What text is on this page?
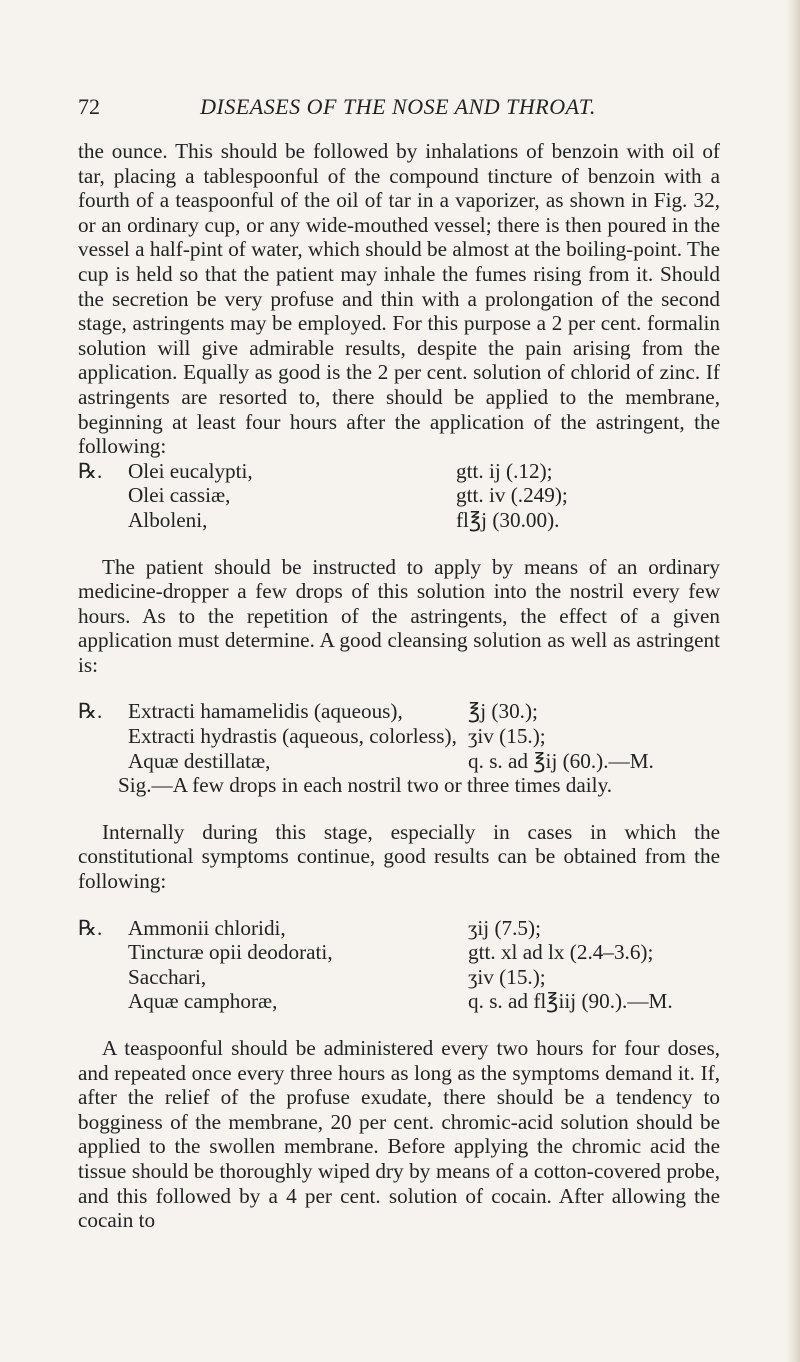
72	DISEASES OF THE NOSE AND THROAT.

the ounce. This should be followed by inhalations of benzoin with oil of tar, placing a tablespoonful of the compound tincture of benzoin with a fourth of a teaspoonful of the oil of tar in a vaporizer, as shown in Fig. 32, or an ordinary cup, or any wide-mouthed vessel; there is then poured in the vessel a half-pint of water, which should be almost at the boiling-point. The cup is held so that the patient may inhale the fumes rising from it. Should the secretion be very profuse and thin with a prolongation of the second stage, astringents may be employed. For this purpose a 2 per cent. formalin solution will give admirable results, despite the pain arising from the application. Equally as good is the 2 per cent. solution of chlorid of zinc. If astringents are resorted to, there should be applied to the membrane, beginning at least four hours after the application of the astringent, the following:

℞.	Olei eucalypti,	gtt. ij (.12);
Olei cassiæ,	gtt. iv (.249);
Alboleni,	fl℥j (30.00).

The patient should be instructed to apply by means of an ordinary medicine-dropper a few drops of this solution into the nostril every few hours. As to the repetition of the astringents, the effect of a given application must determine. A good cleansing solution as well as astringent is:

℞.	Extracti hamamelidis (aqueous),	℥j (30.);
Extracti hydrastis (aqueous, colorless), ʒiv (15.);
Aquæ destillatæ,	q. s. ad ℥ij (60.).—M.
Sig.—A few drops in each nostril two or three times daily.

Internally during this stage, especially in cases in which the constitutional symptoms continue, good results can be obtained from the following:

℞.	Ammonii chloridi,	ʒij (7.5);
Tincturæ opii deodorati,	gtt. xl ad lx (2.4–3.6);
Sacchari,	ʒiv (15.);
Aquæ camphoræ,	q. s. ad fl℥iij (90.).—M.

A teaspoonful should be administered every two hours for four doses, and repeated once every three hours as long as the symptoms demand it. If, after the relief of the profuse exudate, there should be a tendency to bogginess of the membrane, 20 per cent. chromic-acid solution should be applied to the swollen membrane. Before applying the chromic acid the tissue should be thoroughly wiped dry by means of a cotton-covered probe, and this followed by a 4 per cent. solution of cocain. After allowing the cocain to
